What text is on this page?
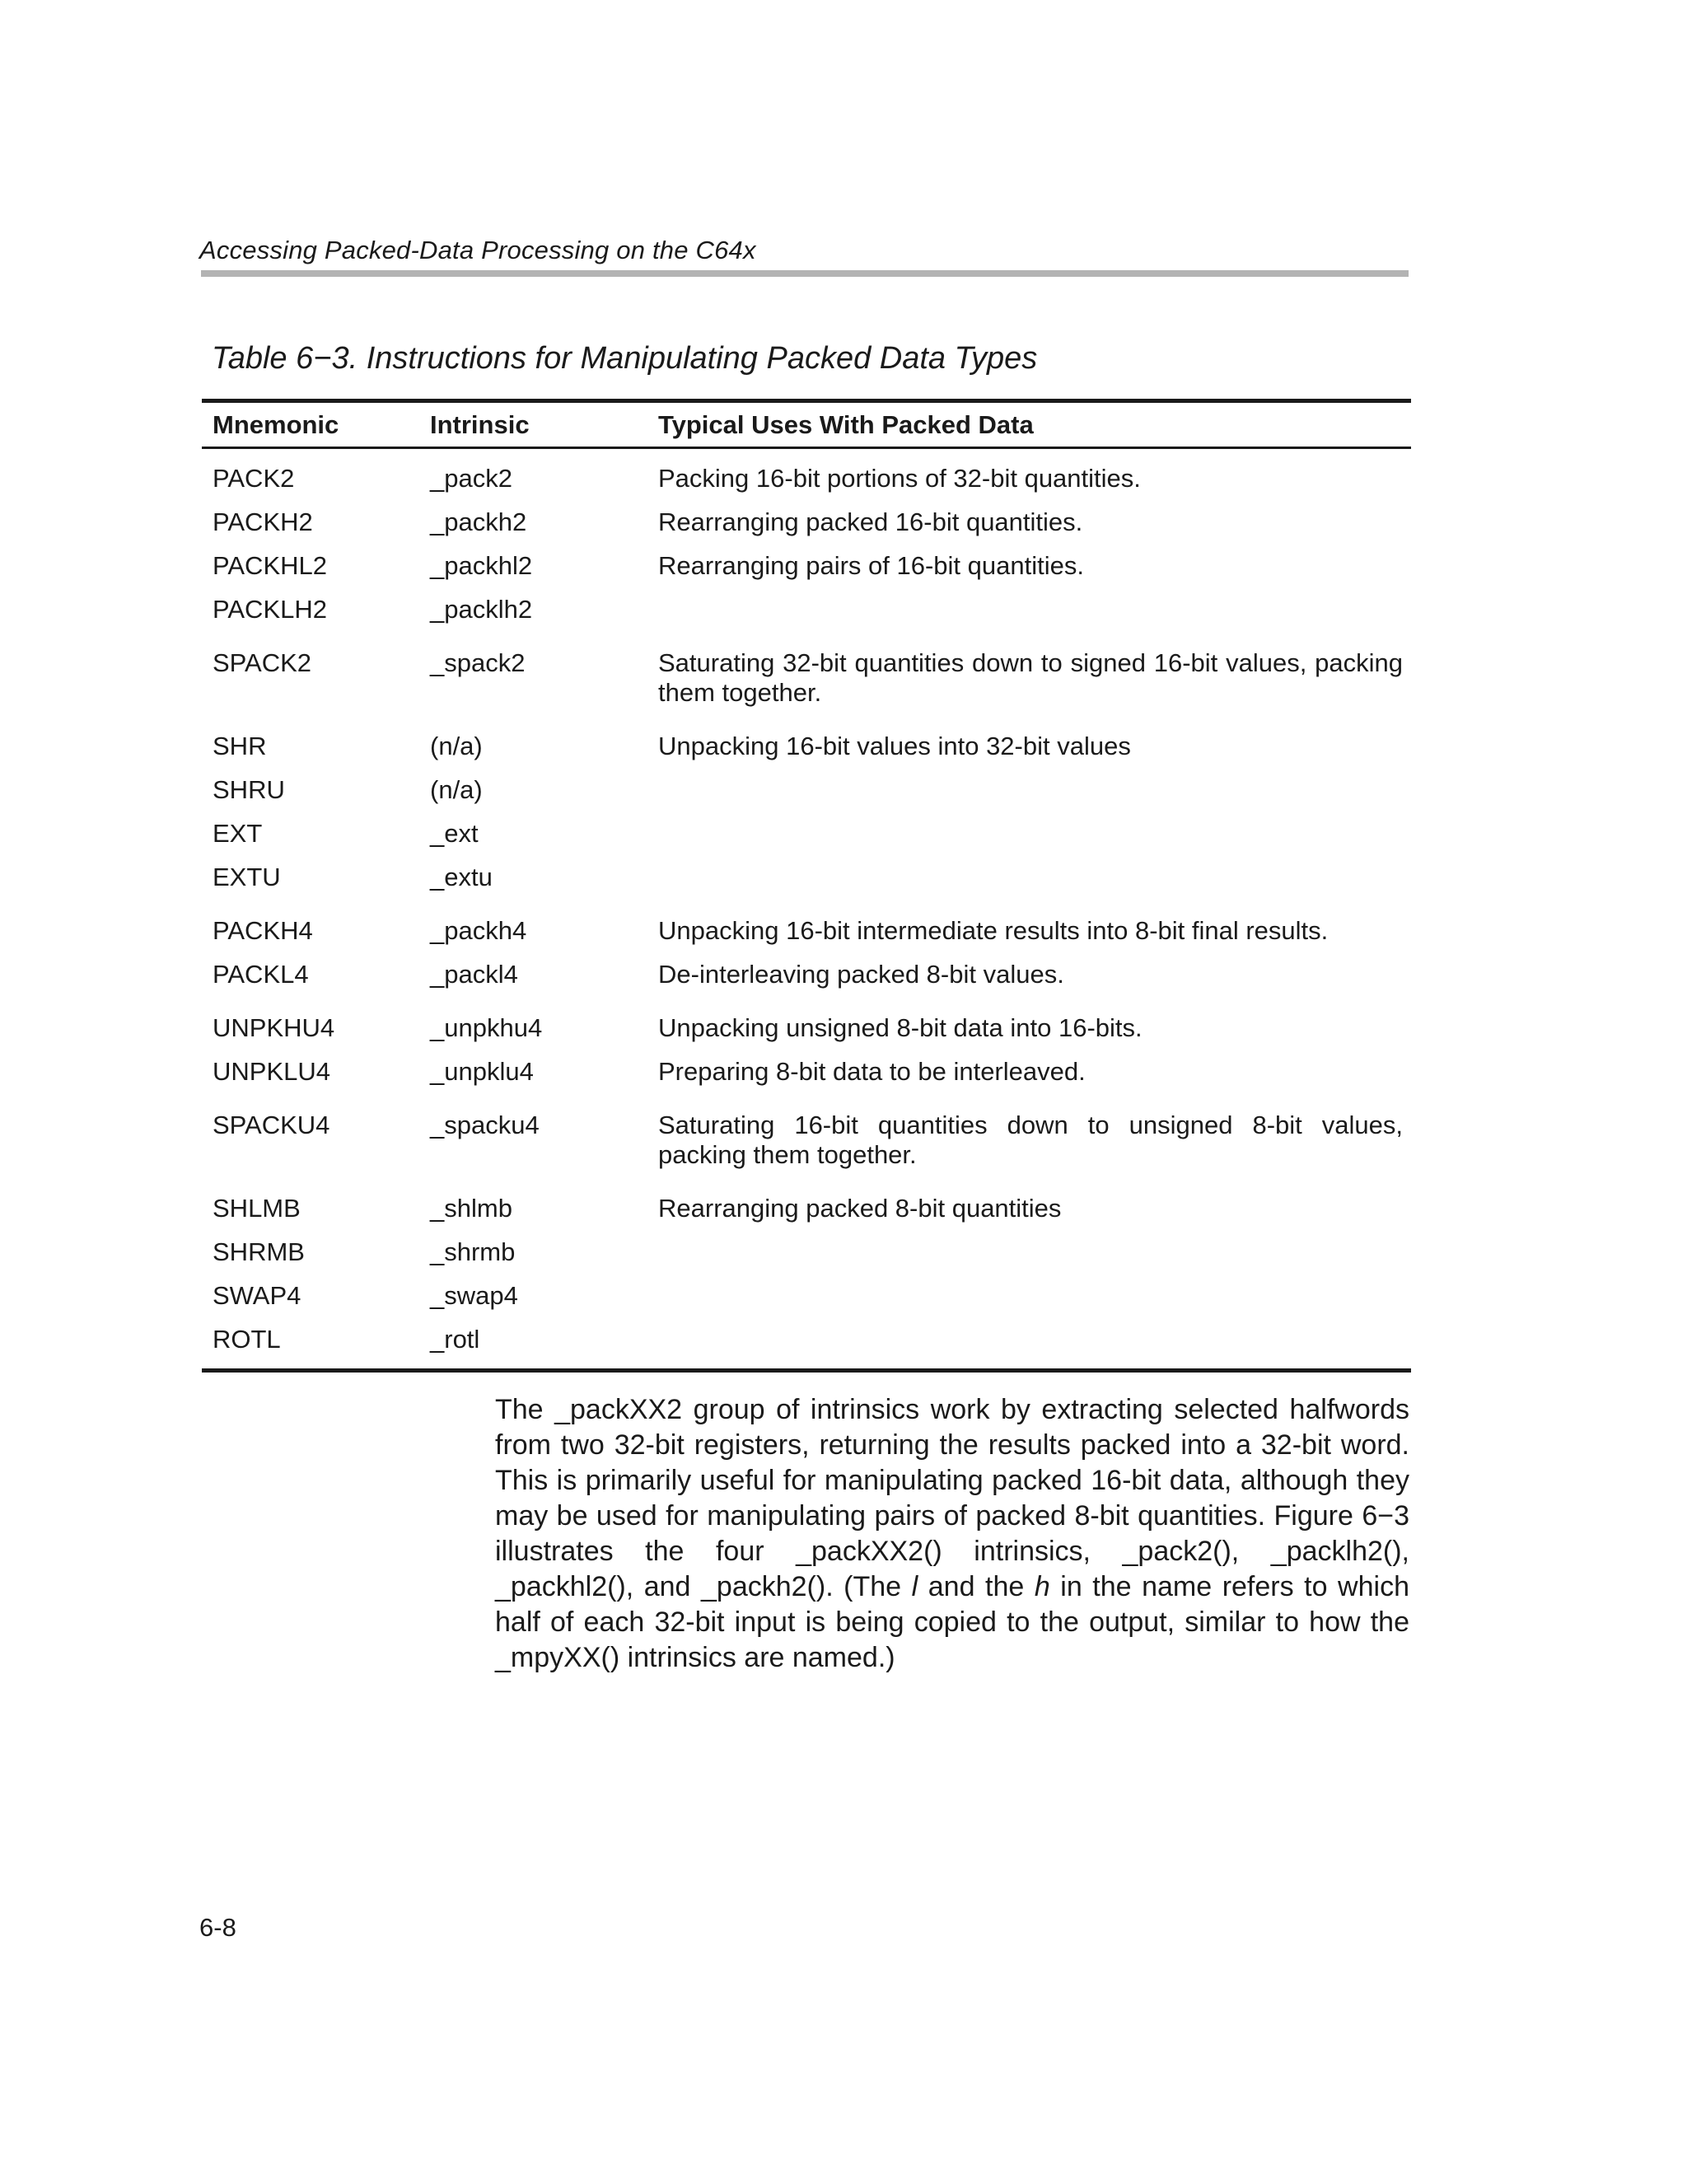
Accessing Packed-Data Processing on the C64x
Table 6−3. Instructions for Manipulating Packed Data Types
Mnemonic	Intrinsic	Typical Uses With Packed Data
PACK2	_pack2	Packing 16-bit portions of 32-bit quantities.
PACKH2	_packh2	Rearranging packed 16-bit quantities.
PACKHL2	_packhl2	Rearranging pairs of 16-bit quantities.
PACKLH2	_packlh2
SPACK2	_spack2	Saturating 32-bit quantities down to signed 16-bit values, packing them together.
SHR	(n/a)	Unpacking 16-bit values into 32-bit values
SHRU	(n/a)
EXT	_ext
EXTU	_extu
PACKH4	_packh4	Unpacking 16-bit intermediate results into 8-bit final results.
PACKL4	_packl4	De-interleaving packed 8-bit values.
UNPKHU4	_unpkhu4	Unpacking unsigned 8-bit data into 16-bits.
UNPKLU4	_unpklu4	Preparing 8-bit data to be interleaved.
SPACKU4	_spacku4	Saturating 16-bit quantities down to unsigned 8-bit values, packing them together.
SHLMB	_shlmb	Rearranging packed 8-bit quantities
SHRMB	_shrmb
SWAP4	_swap4
ROTL	_rotl
The _packXX2 group of intrinsics work by extracting selected halfwords from two 32-bit registers, returning the results packed into a 32-bit word. This is primarily useful for manipulating packed 16-bit data, although they may be used for manipulating pairs of packed 8-bit quantities. Figure 6−3 illustrates the four _packXX2() intrinsics, _pack2(), _packlh2(), _packhl2(), and _packh2(). (The l and the h in the name refers to which half of each 32-bit input is being copied to the output, similar to how the _mpyXX() intrinsics are named.)
6-8
